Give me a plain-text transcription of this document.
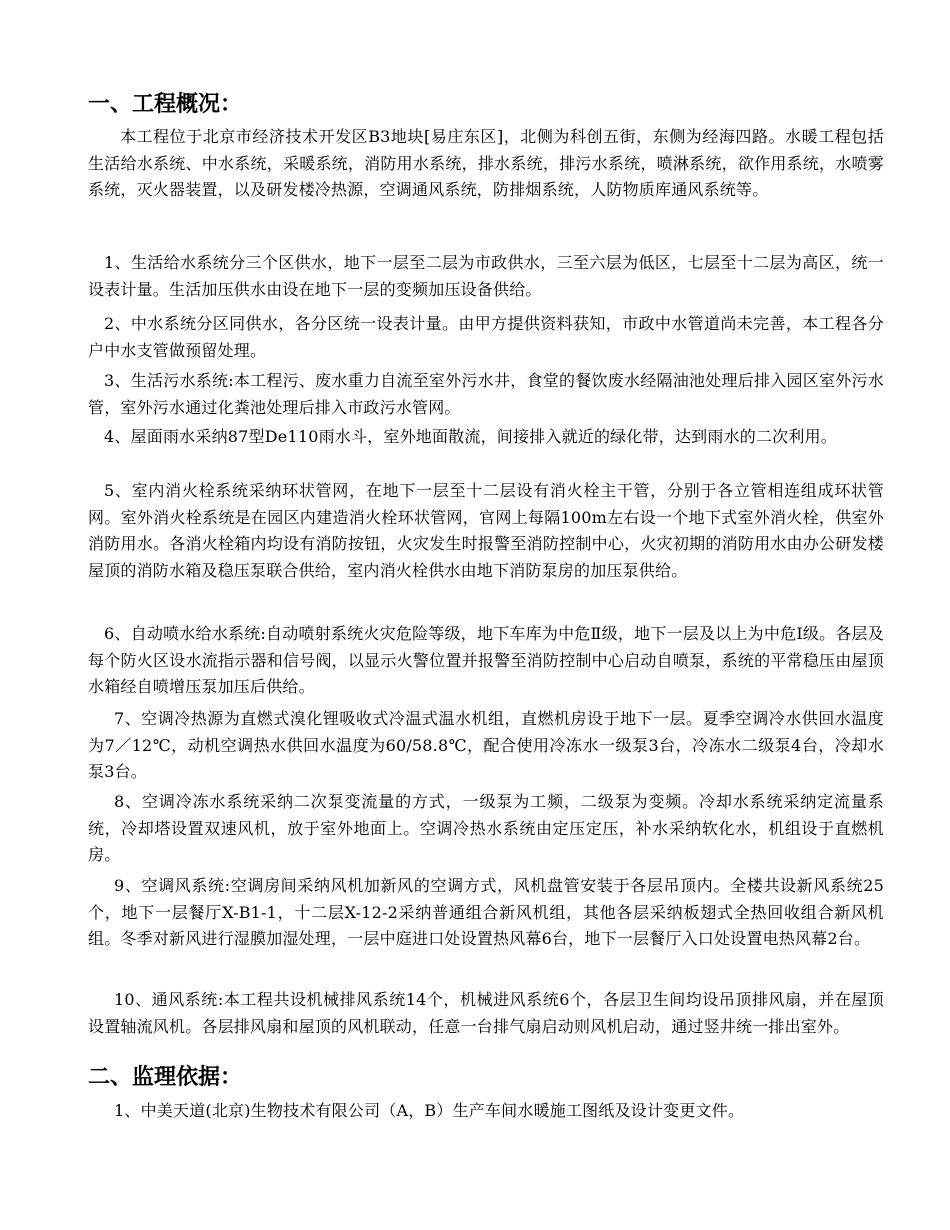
一、工程概况：

本工程位于北京市经济技术开发区B3地块[易庄东区]，北侧为科创五街，东侧为经海四路。水暖工程包括生活给水系统、中水系统，采暖系统，消防用水系统，排水系统，排污水系统，喷淋系统，欲作用系统，水喷雾系统，灭火器装置，以及研发楼冷热源，空调通风系统，防排烟系统，人防物质库通风系统等。

1、生活给水系统分三个区供水，地下一层至二层为市政供水，三至六层为低区，七层至十二层为高区，统一设表计量。生活加压供水由设在地下一层的变频加压设备供给。

2、中水系统分区同供水，各分区统一设表计量。由甲方提供资料获知，市政中水管道尚未完善，本工程各分户中水支管做预留处理。

3、生活污水系统:本工程污、废水重力自流至室外污水井，食堂的餐饮废水经隔油池处理后排入园区室外污水管，室外污水通过化粪池处理后排入市政污水管网。

4、屋面雨水采纳87型De110雨水斗，室外地面散流，间接排入就近的绿化带，达到雨水的二次利用。

5、室内消火栓系统采纳环状管网，在地下一层至十二层设有消火栓主干管，分别于各立管相连组成环状管网。室外消火栓系统是在园区内建造消火栓环状管网，官网上每隔100m左右设一个地下式室外消火栓，供室外消防用水。各消火栓箱内均设有消防按钮，火灾发生时报警至消防控制中心，火灾初期的消防用水由办公研发楼屋顶的消防水箱及稳压泵联合供给，室内消火栓供水由地下消防泵房的加压泵供给。

6、自动喷水给水系统:自动喷射系统火灾危险等级，地下车库为中危Ⅱ级，地下一层及以上为中危Ⅰ级。各层及每个防火区设水流指示器和信号阀，以显示火警位置并报警至消防控制中心启动自喷泵，系统的平常稳压由屋顶水箱经自喷增压泵加压后供给。

7、空调冷热源为直燃式溴化锂吸收式冷温式温水机组，直燃机房设于地下一层。夏季空调冷水供回水温度为7／12℃，动机空调热水供回水温度为60/58.8℃，配合使用冷冻水一级泵3台，冷冻水二级泵4台，冷却水泵3台。

8、空调冷冻水系统采纳二次泵变流量的方式，一级泵为工频，二级泵为变频。冷却水系统采纳定流量系统，冷却塔设置双速风机，放于室外地面上。空调冷热水系统由定压定压，补水采纳软化水，机组设于直燃机房。

9、空调风系统:空调房间采纳风机加新风的空调方式，风机盘管安装于各层吊顶内。全楼共设新风系统25个，地下一层餐厅X-B1-1，十二层X-12-2采纳普通组合新风机组，其他各层采纳板翅式全热回收组合新风机组。冬季对新风进行湿膜加湿处理，一层中庭进口处设置热风幕6台，地下一层餐厅入口处设置电热风幕2台。

10、通风系统:本工程共设机械排风系统14个，机械进风系统6个，各层卫生间均设吊顶排风扇，并在屋顶设置轴流风机。各层排风扇和屋顶的风机联动，任意一台排气扇启动则风机启动，通过竖井统一排出室外。

二、监理依据：

1、中美天道(北京)生物技术有限公司（A，B）生产车间水暖施工图纸及设计变更文件。
